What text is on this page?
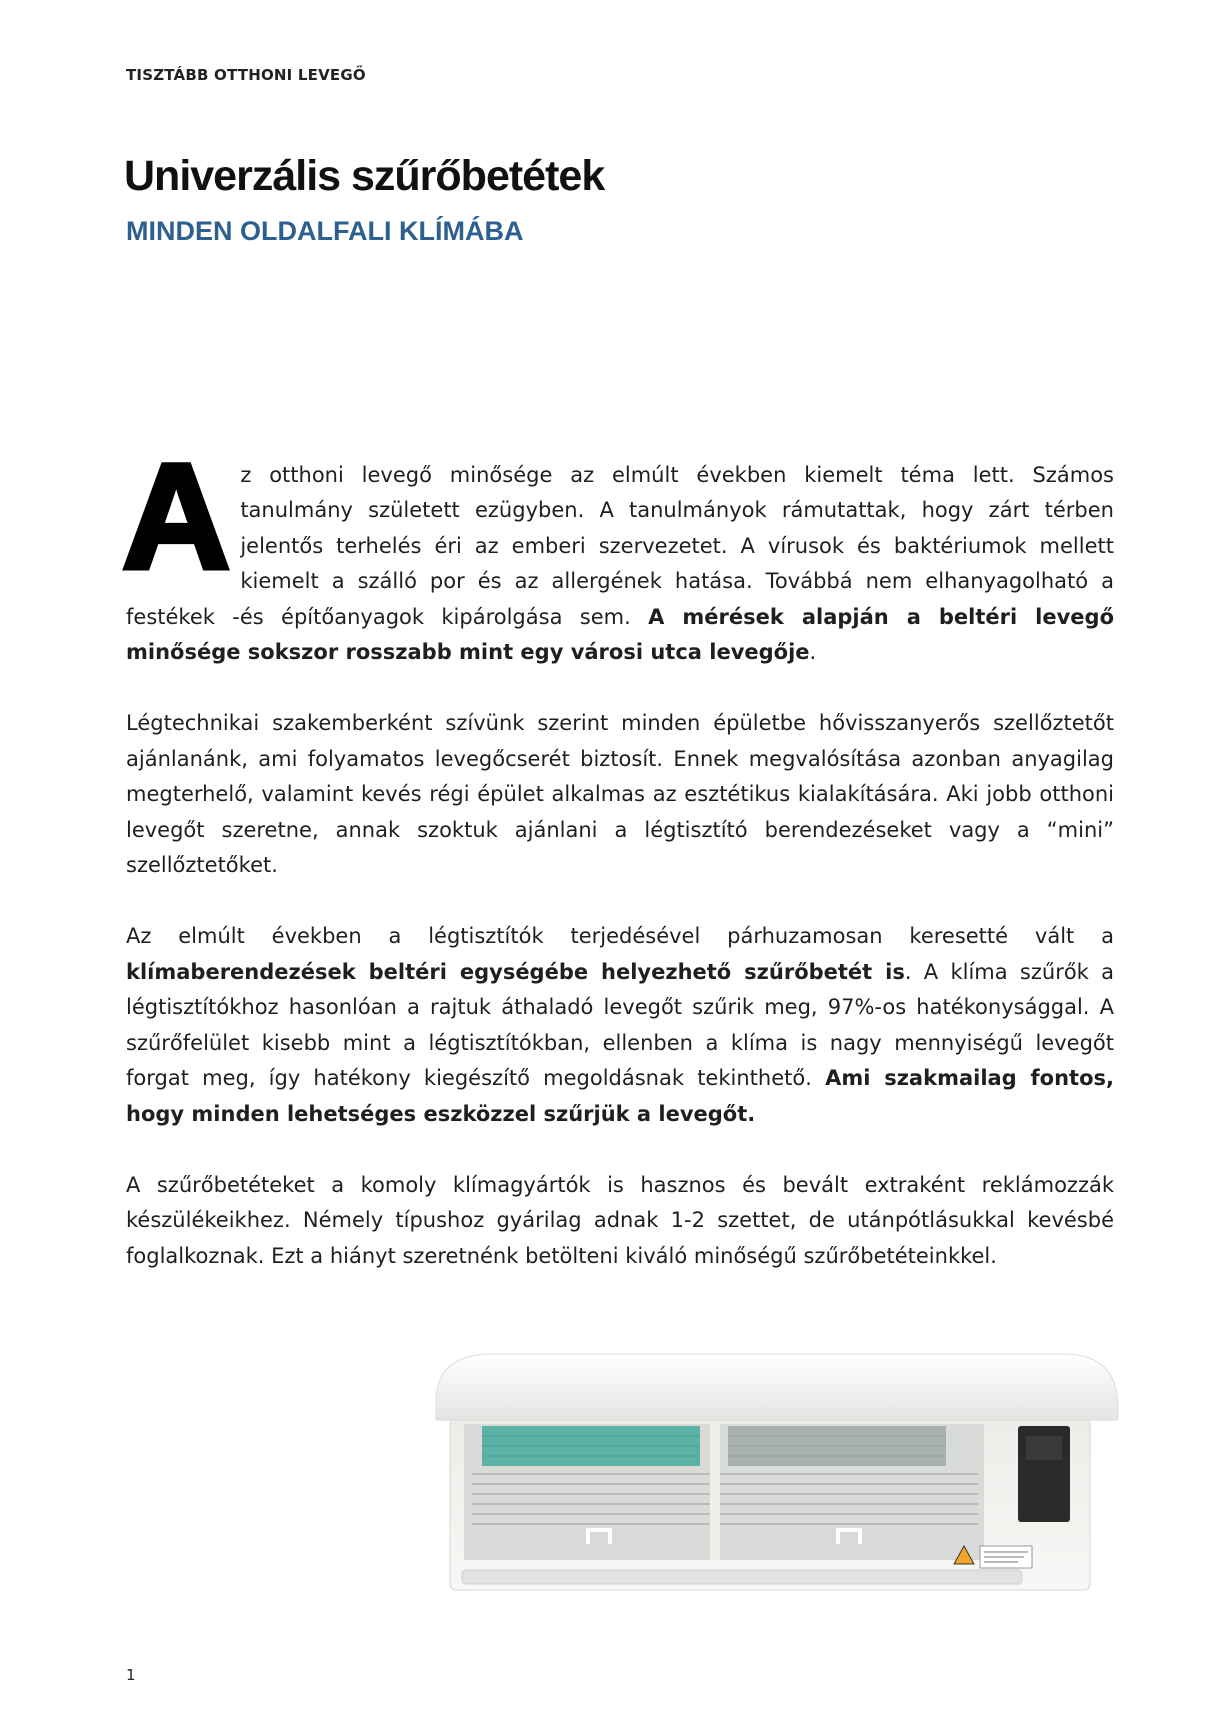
TISZTÁBB OTTHONI LEVEGŐ
Univerzális szűrőbetétek
MINDEN OLDALFALI KLÍMÁBA

Az otthoni levegő minősége az elmúlt években kiemelt téma lett. Számos tanulmány született ezügyben. A tanulmányok rámutattak, hogy zárt térben jelentős terhelés éri az emberi szervezetet. A vírusok és baktériumok mellett kiemelt a szálló por és az allergének hatása. Továbbá nem elhanyagolható a festékek -és építőanyagok kipárolgása sem. A mérések alapján a beltéri levegő minősége sokszor rosszabb mint egy városi utca levegője.

Légtechnikai szakemberként szívünk szerint minden épületbe hővisszanyerős szellőztetőt ajánlanánk, ami folyamatos levegőcserét biztosít. Ennek megvalósítása azonban anyagilag megterhelő, valamint kevés régi épület alkalmas az esztétikus kialakítására. Aki jobb otthoni levegőt szeretne, annak szoktuk ajánlani a légtisztító berendezéseket vagy a “mini” szellőztetőket.

Az elmúlt években a légtisztítók terjedésével párhuzamosan keresetté vált a klímaberendezések beltéri egységébe helyezhető szűrőbetét is. A klíma szűrők a légtisztítókhoz hasonlóan a rajtuk áthaladó levegőt szűrik meg, 97%-os hatékonysággal. A szűrőfelület kisebb mint a légtisztítókban, ellenben a klíma is nagy mennyiségű levegőt forgat meg, így hatékony kiegészítő megoldásnak tekinthető. Ami szakmailag fontos, hogy minden lehetséges eszközzel szűrjük a levegőt.

A szűrőbetéteket a komoly klímagyártók is hasznos és bevált extraként reklámozzák készülékeikhez. Némely típushoz gyárilag adnak 1-2 szettet, de utánpótlásukkal kevésbé foglalkoznak. Ezt a hiányt szeretnénk betölteni kiváló minőségű szűrőbetéteinkkel.

1
